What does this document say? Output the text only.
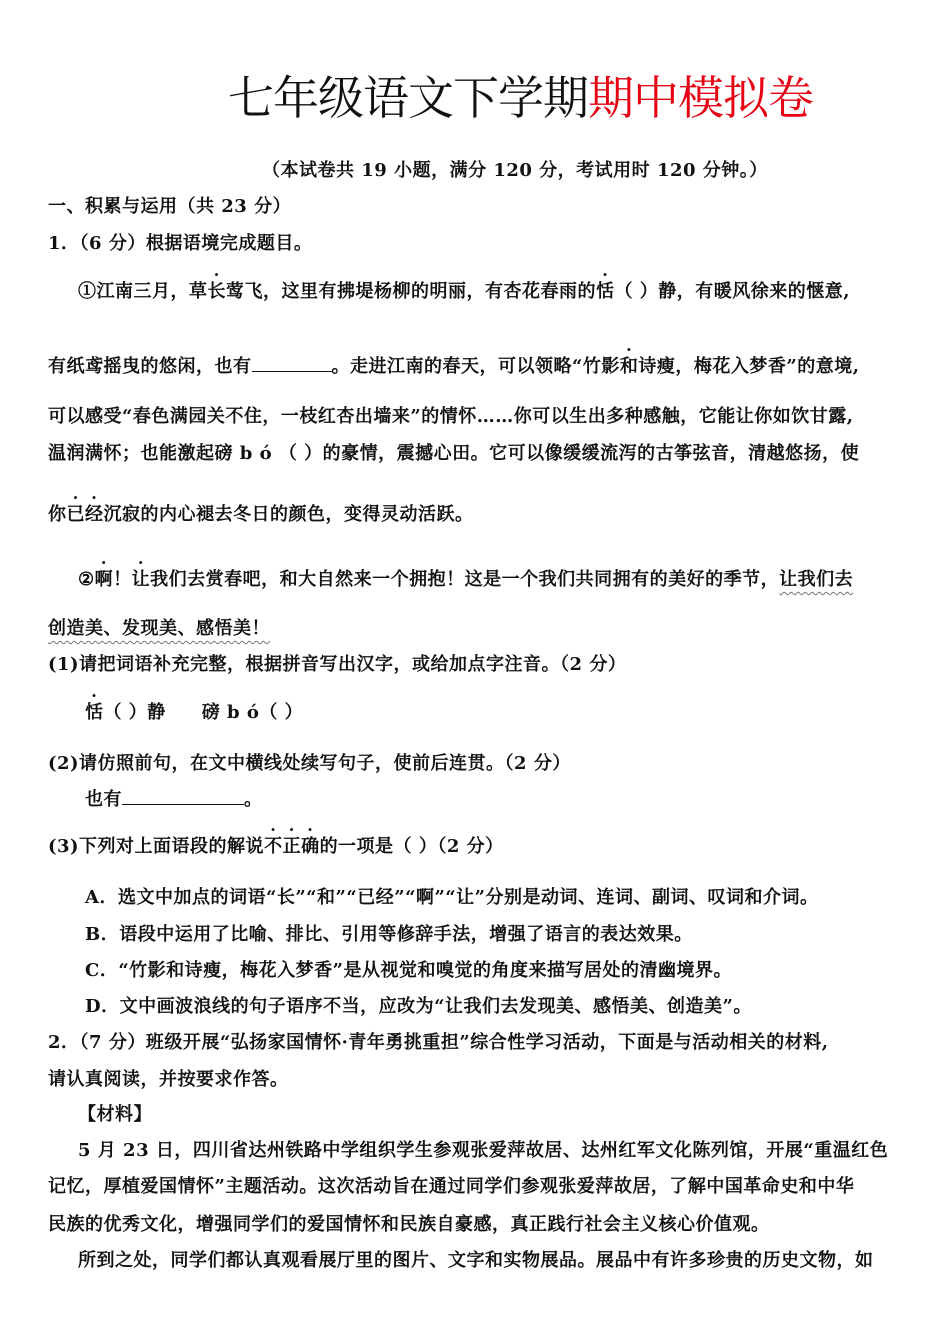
七年级语文下学期期中模拟卷
（本试卷共 19 小题，满分 120 分，考试用时 120 分钟。）
一、积累与运用（共 23 分）
1．（6 分）根据语境完成题目。
①江南三月，草长莺飞，这里有拂堤杨柳的明丽，有杏花春雨的恬（ ）静，有暖风徐来的惬意,
有纸鸢摇曳的悠闲，也有	。走进江南的春天，可以领略“竹影和诗瘦，梅花入梦香”的意境,
可以感受“春色满园关不住，一枝红杏出墙来”的情怀……你可以生出多种感触，它能让你如饮甘露,
温润满怀；也能激起磅 b ó （ ）的豪情，震撼心田。它可以像缓缓流泻的古筝弦音，清越悠扬，使
你已经沉寂的内心褪去冬日的颜色，变得灵动活跃。
②啊！让我们去赏春吧，和大自然来一个拥抱！这是一个我们共同拥有的美好的季节，让我们去
创造美、发现美、感悟美！
(1)请把词语补充完整，根据拼音写出汉字，或给加点字注音。（2 分）
恬（ ）静 磅 b ó（ ）
(2)请仿照前句，在文中横线处续写句子，使前后连贯。（2 分）
也有	。
(3)下列对上面语段的解说不正确的一项是（ ）（2 分）
A．选文中加点的词语“长”“和”“已经”“啊”“让”分别是动词、连词、副词、叹词和介词。
B．语段中运用了比喻、排比、引用等修辞手法，增强了语言的表达效果。
C．“竹影和诗瘦，梅花入梦香”是从视觉和嗅觉的角度来描写居处的清幽境界。
D．文中画波浪线的句子语序不当，应改为“让我们去发现美、感悟美、创造美”。
2．（7 分）班级开展“弘扬家国情怀·青年勇挑重担”综合性学习活动，下面是与活动相关的材料,
请认真阅读，并按要求作答。
【材料】
5 月 23 日，四川省达州铁路中学组织学生参观张爱萍故居、达州红军文化陈列馆，开展“重温红色
记忆，厚植爱国情怀”主题活动。这次活动旨在通过同学们参观张爱萍故居，了解中国革命史和中华
民族的优秀文化，增强同学们的爱国情怀和民族自豪感，真正践行社会主义核心价值观。
所到之处，同学们都认真观看展厅里的图片、文字和实物展品。展品中有许多珍贵的历史文物，如
